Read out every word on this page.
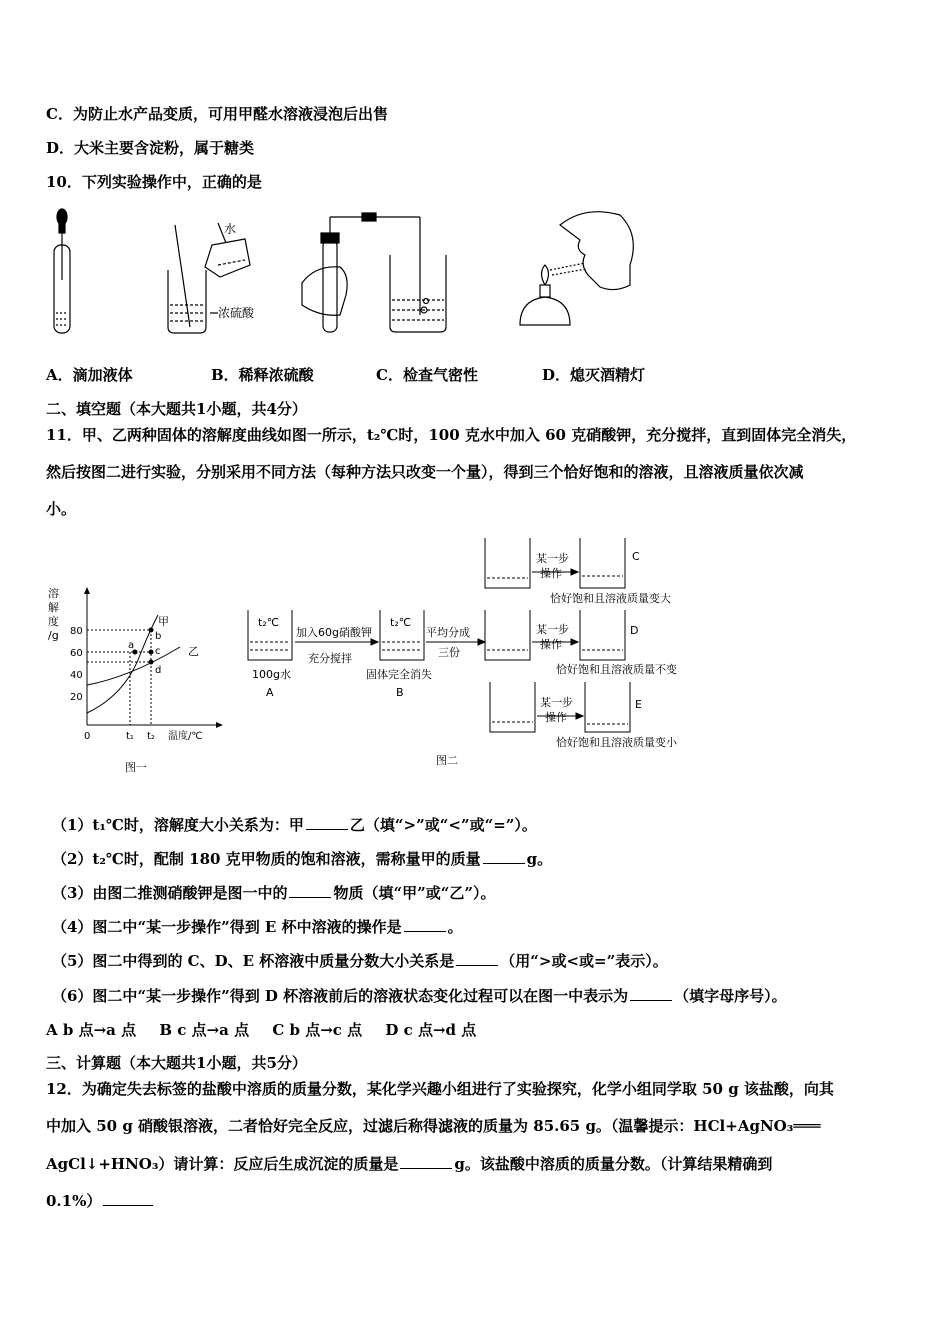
C．为防止水产品变质，可用甲醛水溶液浸泡后出售
D．大米主要含淀粉，属于糖类
10．下列实验操作中，正确的是
水
浓硫酸
A．滴加液体	B．稀释浓硫酸	C．检查气密性	D．熄灭酒精灯
二、填空题（本大题共1小题，共4分）
11．甲、乙两种固体的溶解度曲线如图一所示，t₂℃时，100 克水中加入 60 克硝酸钾，充分搅拌，直到固体完全消失，
然后按图二进行实验，分别采用不同方法（每种方法只改变一个量），得到三个恰好饱和的溶液，且溶液质量依次减
小。
溶
解
度
/g 80
60
40
20
0	t₁ t₂ 温度/℃
a
b
c
d
甲
乙
图一
t₂℃	t₂℃
100g水
A
加入60g硝酸钾
充分搅拌
固体完全消失
B
平均分成
三份
某一步
操作
C
恰好饱和且溶液质量变大
某一步
操作
D
恰好饱和且溶液质量不变
某一步
操作
E
恰好饱和且溶液质量变小
图二
（1）t₁℃时，溶解度大小关系为：甲	乙（填“>”或“<”或“=”）。
（2）t₂℃时，配制 180 克甲物质的饱和溶液，需称量甲的质量	g。
（3）由图二推测硝酸钾是图一中的	物质（填“甲”或“乙”）。
（4）图二中“某一步操作”得到 E 杯中溶液的操作是	。
（5）图二中得到的 C、D、E 杯溶液中质量分数大小关系是	（用“>或<或=”表示）。
（6）图二中“某一步操作”得到 D 杯溶液前后的溶液状态变化过程可以在图一中表示为	（填字母序号）。
A b 点→a 点 B c 点→a 点 C b 点→c 点 D c 点→d 点
三、计算题（本大题共1小题，共5分）
12．为确定失去标签的盐酸中溶质的质量分数，某化学兴趣小组进行了实验探究，化学小组同学取 50 g 该盐酸，向其
中加入 50 g 硝酸银溶液，二者恰好完全反应，过滤后称得滤液的质量为 85.65 g。（温馨提示：HCl+AgNO₃═══
AgCl↓+HNO₃）请计算：反应后生成沉淀的质量是	g。该盐酸中溶质的质量分数。（计算结果精确到
0.1%）
